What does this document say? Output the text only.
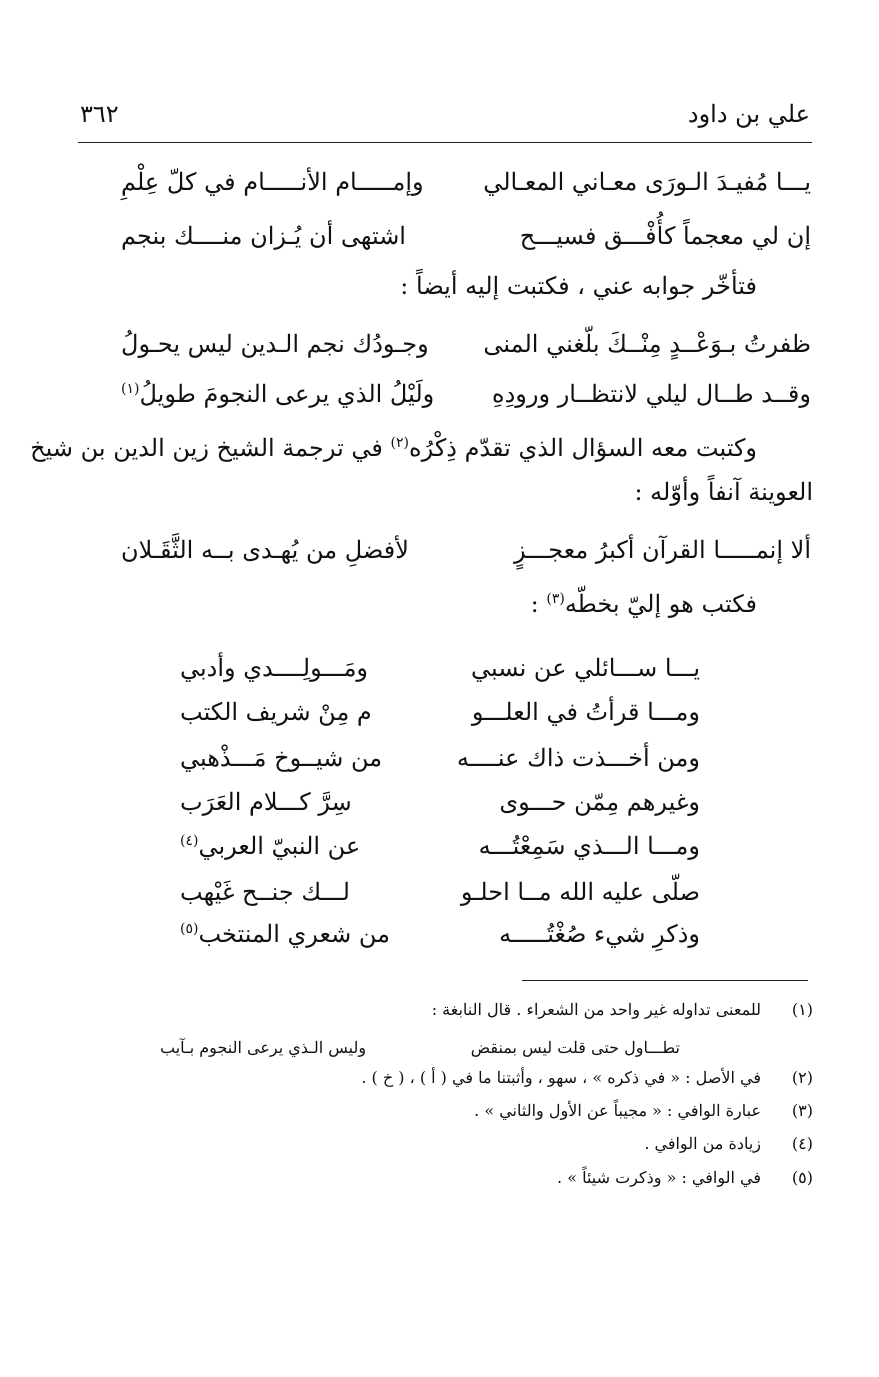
علي بن داود
٣٦٢
يـــا مُفيـدَ الـورَى معـاني المعـالي
وإمـــــام الأنـــــام في كلّ عِلْمِ
إن لي معجماً كأُفْـــق فسيـــح
اشتهى أن يُـزان منــــك بنجم
فتأخّر جوابه عني ، فكتبت إليه أيضاً :
ظفرتُ بـوَعْــدٍ مِنْــكَ بلّغني المنى
وجـودُك نجم الـدين ليس يحـولُ
وقــد طــال ليلي لانتظــار ورودِهِ
ولَيْلُ الذي يرعى النجومَ طويلُ$^{(١)}$
وكتبت معه السؤال الذي تقدّم ذِكْرُه$^{(٢)}$ في ترجمة الشيخ زين الدين بن شيخ
العوينة آنفاً وأوّله :
ألا إنمـــــا القرآن أكبرُ معجـــزٍ
لأفضلِ من يُهـدى بــه الثَّقَـلان
فكتب هو إليّ بخطّه$^{(٣)}$ :
يـــا ســـائلي عن نسبي
ومَـــولِــــدي وأدبي
ومـــا قرأتُ في العلـــو
م مِنْ شريف الكتب
ومن أخـــذت ذاك عنــــه
من شيــوخ مَـــذْهبي
وغيرهم مِمّن حـــوى
سِرَّ كـــلام العَرَب
ومـــا الـــذي سَمِعْتُـــه
عن النبيّ العربي$^{(٤)}$
صلّى عليه الله مــا احلـو
لـــك جنــح غَيْهب
وذكرِ شيء صُغْتُـــــه
من شعري المنتخب$^{(٥)}$
(١)
للمعنى تداوله غير واحد من الشعراء . قال النابغة :
تطـــاول حتى قلت ليس بمنقض
وليس الـذي يرعى النجوم بـآيب
(٢)
في الأصل : « في ذكره » ، سهو ، وأثبتنا ما في ( أ ) ، ( خ ) .
(٣)
عبارة الوافي : « مجيباً عن الأول والثاني » .
(٤)
زيادة من الوافي .
(٥)
في الوافي : « وذكرت شيئاً » .
